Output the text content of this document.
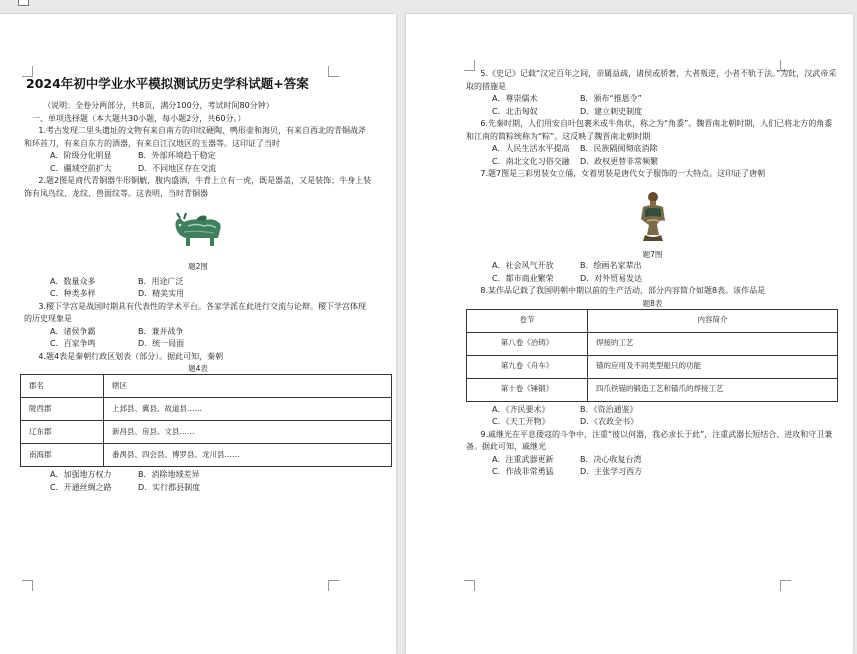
2024年初中学业水平模拟测试历史学科试题+答案

（说明：全卷分两部分，共8页，满分100分，考试时间80分钟）

一、单项选择题（本大题共30小题，每小题2分，共60分。）

1.考古发现二里头遗址的文物有来自南方的印纹硬陶、鸭形壶和海贝，有来自西北的青铜战斧和环首刀，有来自东方的酒器，有来自江汉地区的玉器等。这印证了当时

A．阶级分化明显	B．外部环境趋于稳定
C．疆域空前扩大	D．不同地区存在交流

2.题2图是商代青铜器牛形铜觥，腹内盛酒，牛背上立有一虎，既是器盖，又是装饰；牛身上装饰有凤鸟纹、龙纹、兽面纹等。这表明，当时青铜器

题2图
A．数量众多	B．用途广泛
C．种类多样	D．精美实用

3.稷下学宫是战国时期具有代表性的学术平台。各家学派在此进行交流与论辩。稷下学宫体现的历史现象是

A．诸侯争霸	B．兼并战争
C．百家争鸣	D．统一局面

4.题4表是秦朝行政区划表（部分）。据此可知，秦朝

题4表
郡名	辖区
陇西郡	上邽县、冀县、故道县……
辽东郡	新昌县、房县、文县……
南海郡	番禺县、四会县、博罗县、龙川县……
A．加强地方权力	B．消除地域差异
C．开通丝绸之路	D．实行郡县制度

5.《史记》记载“汉定百年之间，亲属益疏，诸侯或骄奢，大者叛逆，小者不轨于法。”为此，汉武帝采取的措施是

A．尊崇儒术	B．颁布“推恩令”
C．北击匈奴	D．建立刺史制度

6.先秦时期，人们用安自叶包裹米或牛角状，称之为“角黍”。魏晋南北朝时期，人们已将北方的角黍和江南的简粽统称为“粽”。这反映了魏晋南北朝时期

A．人民生活水平提高	B．民族隔阂彻底消除
C．南北文化习俗交融	D．政权更替非常频繁

7.题7图是三彩男装女立俑，女着男装是唐代女子服饰的一大特点。这印证了唐朝

题7图
A．社会风气开放	B．绘画名家辈出
C．都市商业繁荣	D．对外贸易发达

8.某作品记载了我国明朝中期以前的生产活动，部分内容简介如题8表。该作品是

题8表
卷节	内容简介
第八卷《冶铸》	焊接的工艺
第九卷《舟车》	锚的应用及不同类型船只的功能
第十卷《锤锻》	四爪铁锚的锻造工艺和锚爪的焊接工艺
A．《齐民要术》	B．《资治通鉴》
C．《天工开物》	D．《农政全书》

9.戚继光在平息倭寇的斗争中，注重“彼以何器，我必求长于此”，注重武器长短结合、进攻和守卫兼备。据此可知，戚继光

A．注重武器更新	B．决心收复台湾
C．作战非常勇猛	D．主张学习西方
